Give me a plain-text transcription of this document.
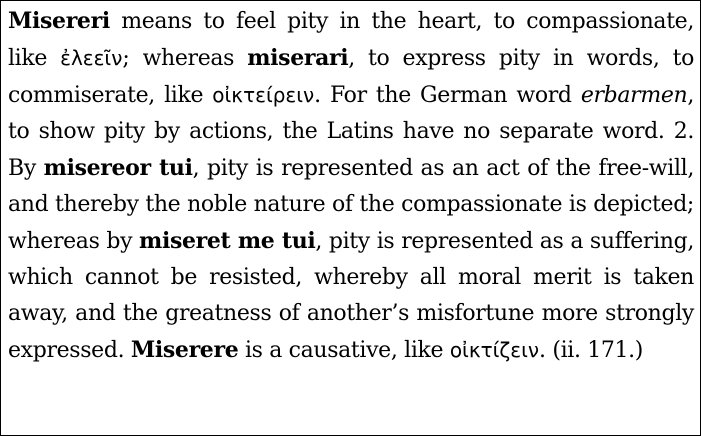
Misereri means to feel pity in the heart, to compassionate, like ἐλεεῖν; whereas miserari, to express pity in words, to commiserate, like οἰκτείρειν. For the German word erbarmen, to show pity by actions, the Latins have no separate word. 2. By misereor tui, pity is represented as an act of the free-will, and thereby the noble nature of the compassionate is depicted; whereas by miseret me tui, pity is represented as a suffering, which cannot be resisted, whereby all moral merit is taken away, and the greatness of another’s misfortune more strongly expressed. Miserere is a causative, like οἰκτίζειν. (ii. 171.)
